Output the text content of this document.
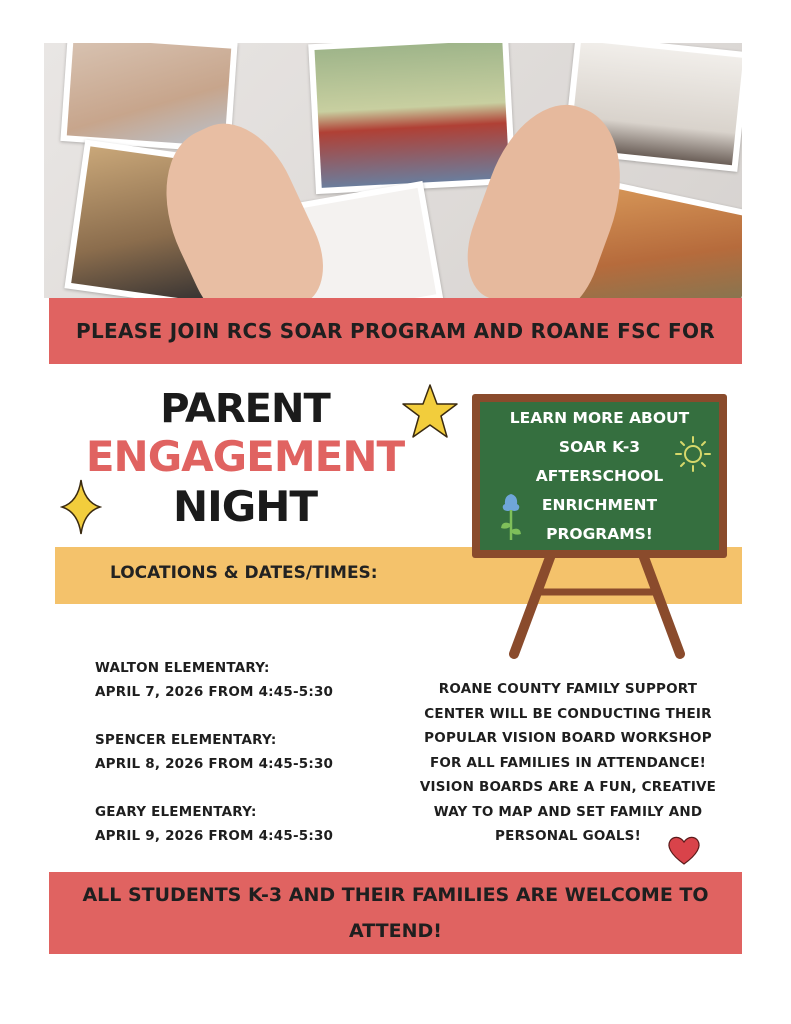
PLEASE JOIN RCS SOAR PROGRAM AND ROANE FSC FOR
PARENT
ENGAGEMENT
NIGHT
LOCATIONS & DATES/TIMES:
LEARN MORE ABOUT
SOAR K-3
AFTERSCHOOL
ENRICHMENT
PROGRAMS!
WALTON ELEMENTARY:
APRIL 7, 2026 FROM 4:45-5:30
SPENCER ELEMENTARY:
APRIL 8, 2026 FROM 4:45-5:30
GEARY ELEMENTARY:
APRIL 9, 2026 FROM 4:45-5:30
ROANE COUNTY FAMILY SUPPORT
CENTER WILL BE CONDUCTING THEIR
POPULAR VISION BOARD WORKSHOP
FOR ALL FAMILIES IN ATTENDANCE!
VISION BOARDS ARE A FUN, CREATIVE
WAY TO MAP AND SET FAMILY AND
PERSONAL GOALS!
ALL STUDENTS K-3 AND THEIR FAMILIES ARE WELCOME TO ATTEND!
